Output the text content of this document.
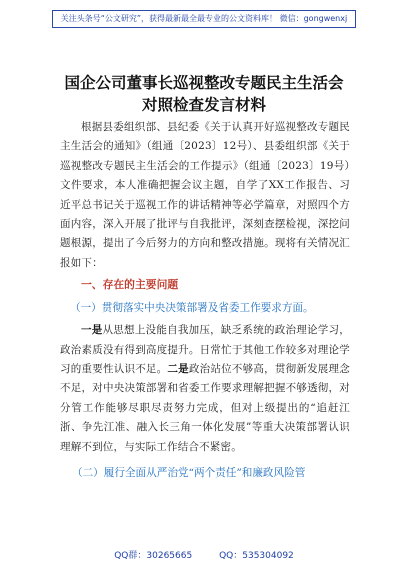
关注头条号“公文研究”，获得最新最全最专业的公文资料库！ 微信：gongwenxj
国企公司董事长巡视整改专题民主生活会
对照检查发言材料

根据县委组织部、县纪委《关于认真开好巡视整改专题民主生活会的通知》（组通〔2023〕12号）、县委组织部《关于巡视整改专题民主生活会的工作提示》（组通〔2023〕19号）文件要求，本人准确把握会议主题，自学了XX工作报告、习近平总书记关于巡视工作的讲话精神等必学篇章，对照四个方面内容，深入开展了批评与自我批评，深刻查摆检视，深挖问题根源，提出了今后努力的方向和整改措施。现将有关情况汇报如下：

一、存在的主要问题
（一）贯彻落实中央决策部署及省委工作要求方面。

一是从思想上没能自我加压，缺乏系统的政治理论学习，政治素质没有得到高度提升。日常忙于其他工作较多对理论学习的重要性认识不足。二是政治站位不够高，贯彻新发展理念不足，对中央决策部署和省委工作要求理解把握不够透彻，对分管工作能够尽职尽责努力完成，但对上级提出的“追赶江浙、争先江准、融入长三角一体化发展”等重大决策部署认识理解不到位，与实际工作结合不紧密。

（二）履行全面从严治党“两个责任”和廉政风险管
QQ群：30265665	QQ：535304092
